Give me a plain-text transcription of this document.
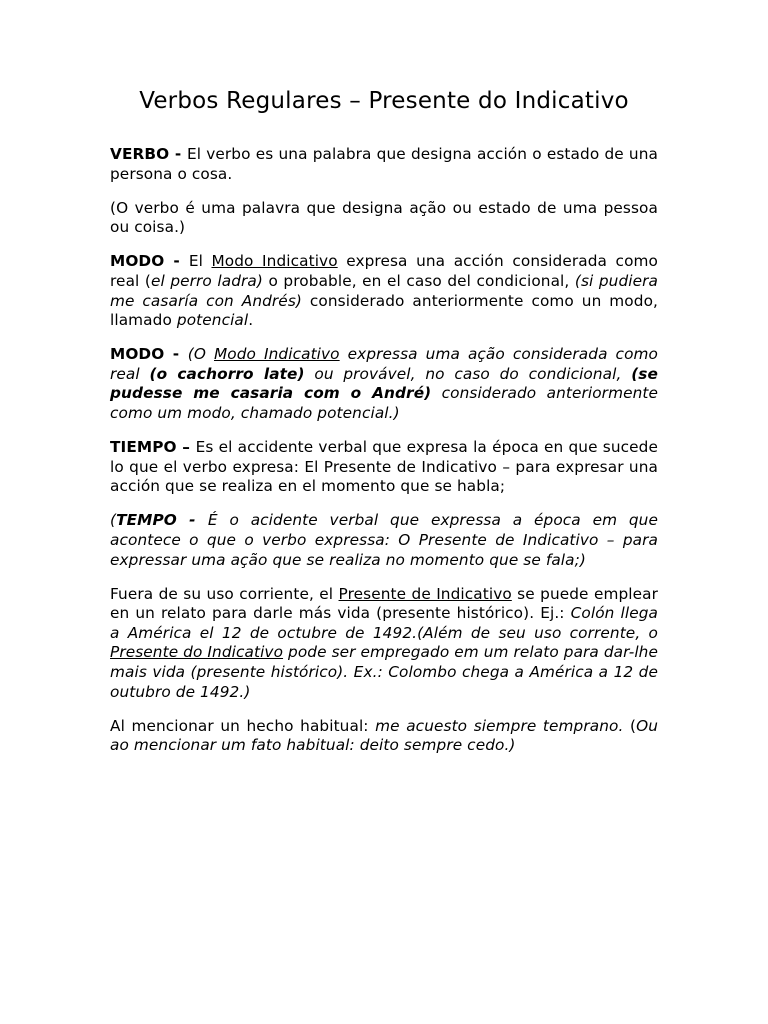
Verbos Regulares – Presente do Indicativo

VERBO - El verbo es una palabra que designa acción o estado de una persona o cosa.

(O verbo é uma palavra que designa ação ou estado de uma pessoa ou coisa.)

MODO - El Modo Indicativo expresa una acción considerada como real (el perro ladra) o probable, en el caso del condicional, (si pudiera me casaría con Andrés) considerado anteriormente como un modo, llamado potencial.

MODO - (O Modo Indicativo expressa uma ação considerada como real (o cachorro late) ou provável, no caso do condicional, (se pudesse me casaria com o André) considerado anteriormente como um modo, chamado potencial.)

TIEMPO – Es el accidente verbal que expresa la época en que sucede lo que el verbo expresa: El Presente de Indicativo – para expresar una acción que se realiza en el momento que se habla;

(TEMPO - É o acidente verbal que expressa a época em que acontece o que o verbo expressa: O Presente de Indicativo – para expressar uma ação que se realiza no momento que se fala;)

Fuera de su uso corriente, el Presente de Indicativo se puede emplear en un relato para darle más vida (presente histórico). Ej.: Colón llega a América el 12 de octubre de 1492.(Além de seu uso corrente, o Presente do Indicativo pode ser empregado em um relato para dar-lhe mais vida (presente histórico). Ex.: Colombo chega a América a 12 de outubro de 1492.)

Al mencionar un hecho habitual: me acuesto siempre temprano. (Ou ao mencionar um fato habitual: deito sempre cedo.)
